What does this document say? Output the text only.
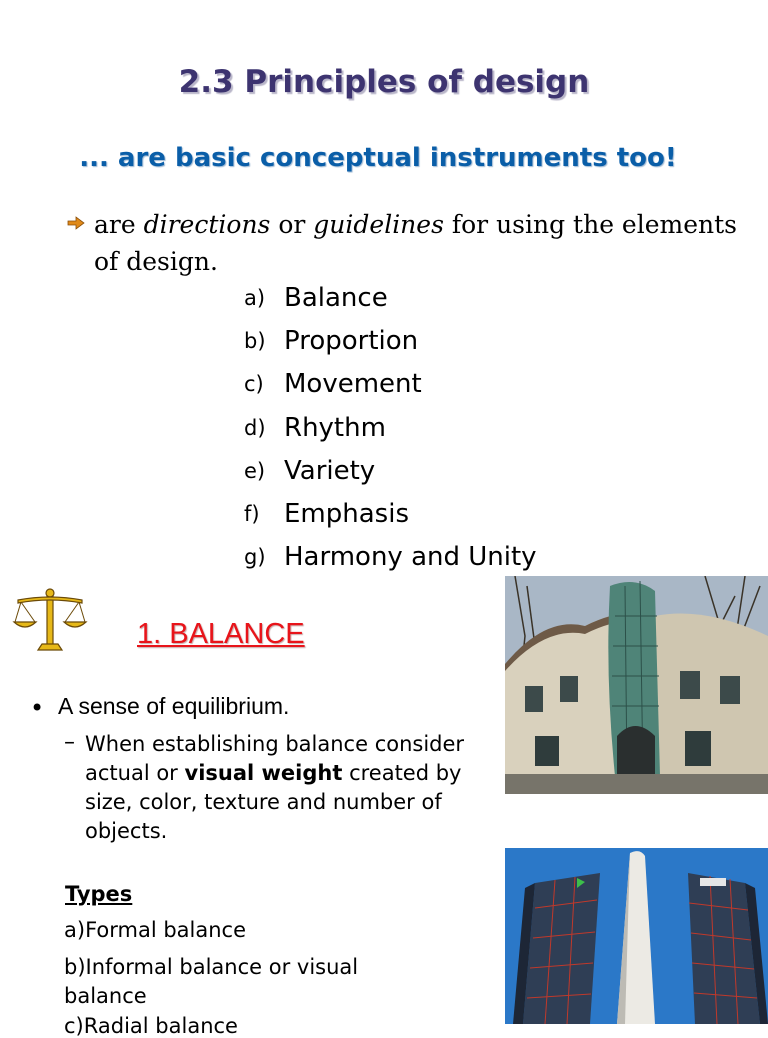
2.3 Principles of design
... are basic conceptual instruments too!
are directions or guidelines for using the elements of design.
a) Balance
b) Proportion
c) Movement
d) Rhythm
e) Variety
f) Emphasis
g) Harmony and Unity
1. BALANCE
• A sense of equilibrium.
– When establishing balance consider actual or visual weight created by size, color, texture and number of objects.
Types
a)Formal balance
b)Informal balance or visual balance
c)Radial balance
